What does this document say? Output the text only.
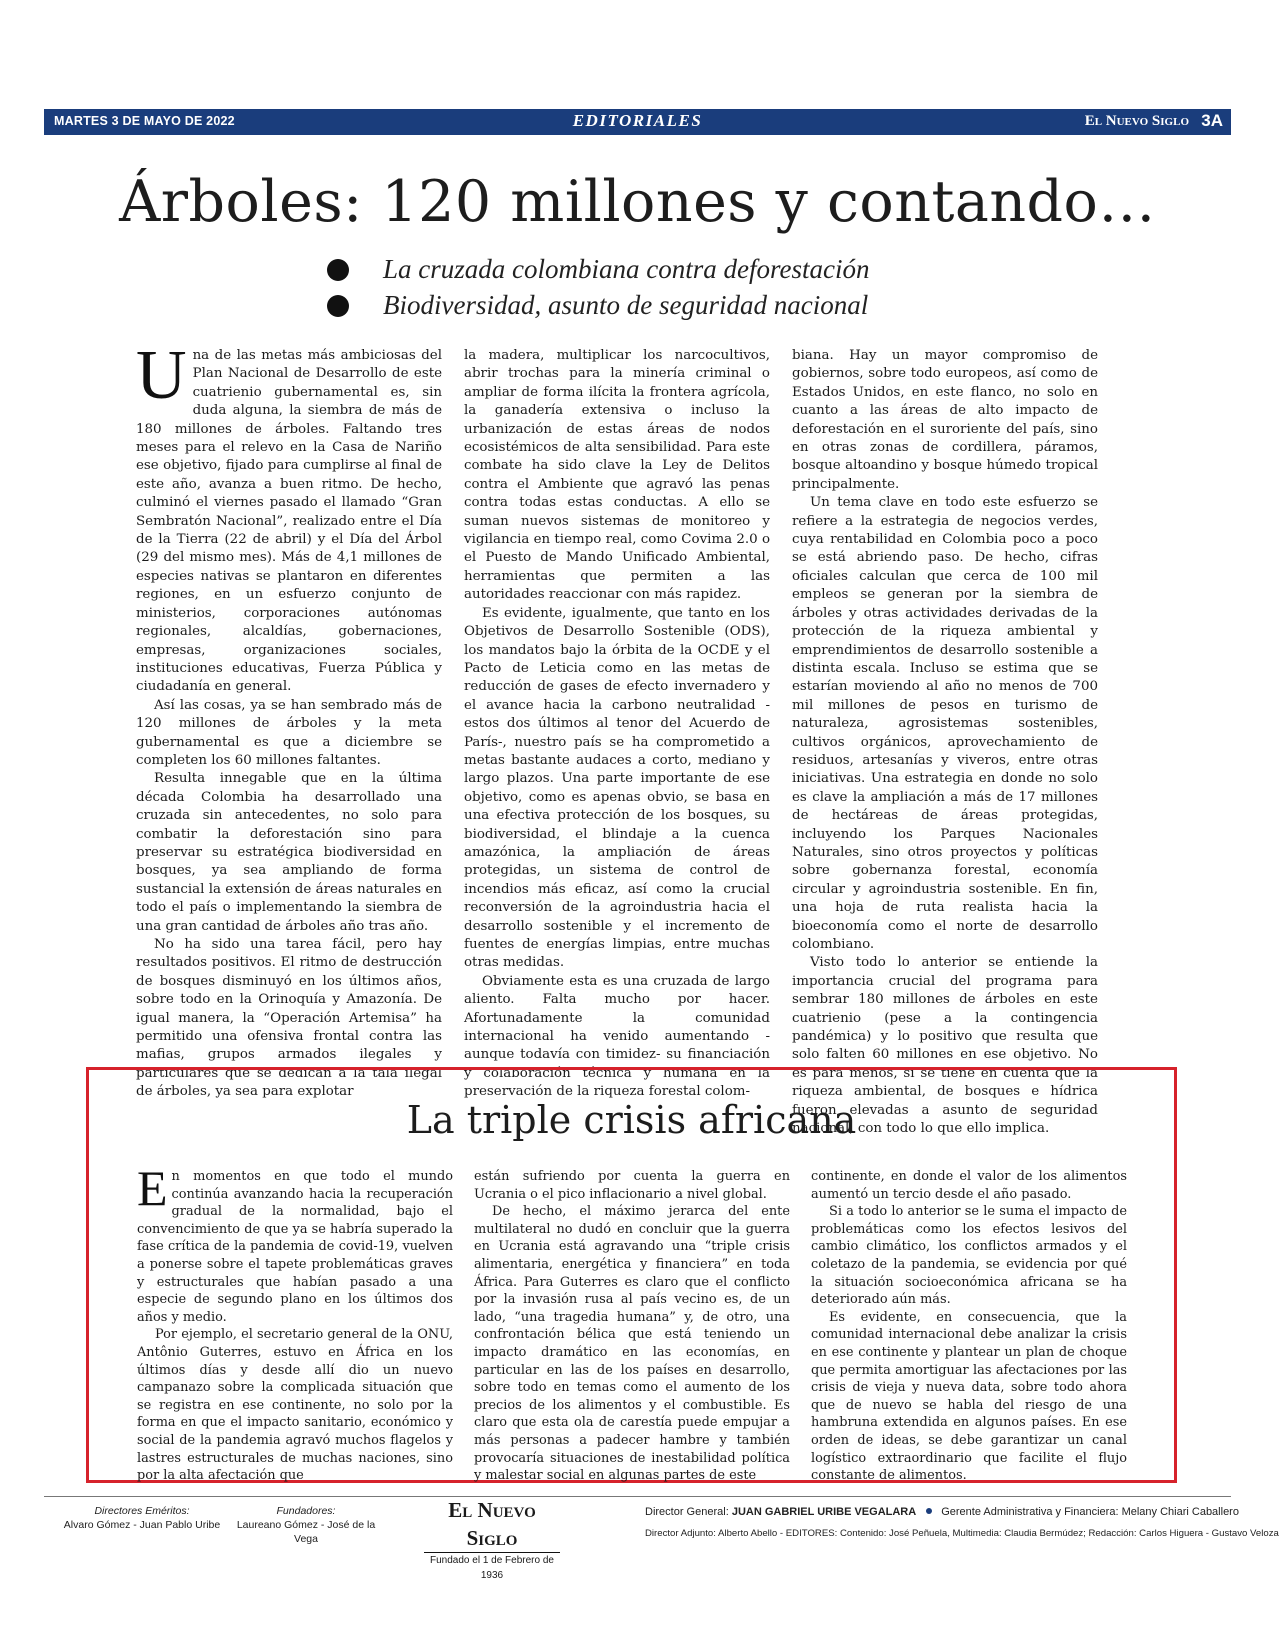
MARTES 3 DE MAYO DE 2022	EDITORIALES	El Nuevo Siglo 3A
Árboles: 120 millones y contando…
La cruzada colombiana contra deforestación
Biodiversidad, asunto de seguridad nacional

Una de las metas más ambiciosas del Plan Nacional de Desarrollo de este cuatrienio gubernamental es, sin duda alguna, la siembra de más de 180 millones de árboles. Faltando tres meses para el relevo en la Casa de Nariño ese objetivo, fijado para cumplirse al final de este año, avanza a buen ritmo. De hecho, culminó el viernes pasado el llamado “Gran Sembratón Nacional”, realizado entre el Día de la Tierra (22 de abril) y el Día del Árbol (29 del mismo mes). Más de 4,1 millones de especies nativas se plantaron en diferentes regiones, en un esfuerzo conjunto de ministerios, corporaciones autónomas regionales, alcaldías, gobernaciones, empresas, organizaciones sociales, instituciones educativas, Fuerza Pública y ciudadanía en general.

Así las cosas, ya se han sembrado más de 120 millones de árboles y la meta gubernamental es que a diciembre se completen los 60 millones faltantes.

Resulta innegable que en la última década Colombia ha desarrollado una cruzada sin antecedentes, no solo para combatir la deforestación sino para preservar su estratégica biodiversidad en bosques, ya sea ampliando de forma sustancial la extensión de áreas naturales en todo el país o implementando la siembra de una gran cantidad de árboles año tras año.

No ha sido una tarea fácil, pero hay resultados positivos. El ritmo de destrucción de bosques disminuyó en los últimos años, sobre todo en la Orinoquía y Amazonía. De igual manera, la “Operación Artemisa” ha permitido una ofensiva frontal contra las mafias, grupos armados ilegales y particulares que se dedican a la tala ilegal de árboles, ya sea para explotar

la madera, multiplicar los narcocultivos, abrir trochas para la minería criminal o ampliar de forma ilícita la frontera agrícola, la ganadería extensiva o incluso la urbanización de estas áreas de nodos ecosistémicos de alta sensibilidad. Para este combate ha sido clave la Ley de Delitos contra el Ambiente que agravó las penas contra todas estas conductas. A ello se suman nuevos sistemas de monitoreo y vigilancia en tiempo real, como Covima 2.0 o el Puesto de Mando Unificado Ambiental, herramientas que permiten a las autoridades reaccionar con más rapidez.

Es evidente, igualmente, que tanto en los Objetivos de Desarrollo Sostenible (ODS), los mandatos bajo la órbita de la OCDE y el Pacto de Leticia como en las metas de reducción de gases de efecto invernadero y el avance hacia la carbono neutralidad -estos dos últimos al tenor del Acuerdo de París-, nuestro país se ha comprometido a metas bastante audaces a corto, mediano y largo plazos. Una parte importante de ese objetivo, como es apenas obvio, se basa en una efectiva protección de los bosques, su biodiversidad, el blindaje a la cuenca amazónica, la ampliación de áreas protegidas, un sistema de control de incendios más eficaz, así como la crucial reconversión de la agroindustria hacia el desarrollo sostenible y el incremento de fuentes de energías limpias, entre muchas otras medidas.

Obviamente esta es una cruzada de largo aliento. Falta mucho por hacer. Afortunadamente la comunidad internacional ha venido aumentando -aunque todavía con timidez- su financiación y colaboración técnica y humana en la preservación de la riqueza forestal colom-

biana. Hay un mayor compromiso de gobiernos, sobre todo europeos, así como de Estados Unidos, en este flanco, no solo en cuanto a las áreas de alto impacto de deforestación en el suroriente del país, sino en otras zonas de cordillera, páramos, bosque altoandino y bosque húmedo tropical principalmente.

Un tema clave en todo este esfuerzo se refiere a la estrategia de negocios verdes, cuya rentabilidad en Colombia poco a poco se está abriendo paso. De hecho, cifras oficiales calculan que cerca de 100 mil empleos se generan por la siembra de árboles y otras actividades derivadas de la protección de la riqueza ambiental y emprendimientos de desarrollo sostenible a distinta escala. Incluso se estima que se estarían moviendo al año no menos de 700 mil millones de pesos en turismo de naturaleza, agrosistemas sostenibles, cultivos orgánicos, aprovechamiento de residuos, artesanías y viveros, entre otras iniciativas. Una estrategia en donde no solo es clave la ampliación a más de 17 millones de hectáreas de áreas protegidas, incluyendo los Parques Nacionales Naturales, sino otros proyectos y políticas sobre gobernanza forestal, economía circular y agroindustria sostenible. En fin, una hoja de ruta realista hacia la bioeconomía como el norte de desarrollo colombiano.

Visto todo lo anterior se entiende la importancia crucial del programa para sembrar 180 millones de árboles en este cuatrienio (pese a la contingencia pandémica) y lo positivo que resulta que solo falten 60 millones en ese objetivo. No es para menos, si se tiene en cuenta que la riqueza ambiental, de bosques e hídrica fueron elevadas a asunto de seguridad nacional, con todo lo que ello implica.

La triple crisis africana

En momentos en que todo el mundo continúa avanzando hacia la recuperación gradual de la normalidad, bajo el convencimiento de que ya se habría superado la fase crítica de la pandemia de covid-19, vuelven a ponerse sobre el tapete problemáticas graves y estructurales que habían pasado a una especie de segundo plano en los últimos dos años y medio.

Por ejemplo, el secretario general de la ONU, Antônio Guterres, estuvo en África en los últimos días y desde allí dio un nuevo campanazo sobre la complicada situación que se registra en ese continente, no solo por la forma en que el impacto sanitario, económico y social de la pandemia agravó muchos flagelos y lastres estructurales de muchas naciones, sino por la alta afectación que

están sufriendo por cuenta la guerra en Ucrania o el pico inflacionario a nivel global.

De hecho, el máximo jerarca del ente multilateral no dudó en concluir que la guerra en Ucrania está agravando una “triple crisis alimentaria, energética y financiera” en toda África. Para Guterres es claro que el conflicto por la invasión rusa al país vecino es, de un lado, “una tragedia humana” y, de otro, una confrontación bélica que está teniendo un impacto dramático en las economías, en particular en las de los países en desarrollo, sobre todo en temas como el aumento de los precios de los alimentos y el combustible. Es claro que esta ola de carestía puede empujar a más personas a padecer hambre y también provocaría situaciones de inestabilidad política y malestar social en algunas partes de este

continente, en donde el valor de los alimentos aumentó un tercio desde el año pasado.

Si a todo lo anterior se le suma el impacto de problemáticas como los efectos lesivos del cambio climático, los conflictos armados y el coletazo de la pandemia, se evidencia por qué la situación socioeconómica africana se ha deteriorado aún más.

Es evidente, en consecuencia, que la comunidad internacional debe analizar la crisis en ese continente y plantear un plan de choque que permita amortiguar las afectaciones por las crisis de vieja y nueva data, sobre todo ahora que de nuevo se habla del riesgo de una hambruna extendida en algunos países. En ese orden de ideas, se debe garantizar un canal logístico extraordinario que facilite el flujo constante de alimentos.

Directores Eméritos:
Alvaro Gómez - Juan Pablo Uribe
Fundadores:
Laureano Gómez - José de la Vega
El Nuevo Siglo
Fundado el 1 de Febrero de 1936
Director General: JUAN GABRIEL URIBE VEGALARA Gerente Administrativa y Financiera: Melany Chiari Caballero
Director Adjunto: Alberto Abello - EDITORES: Contenido: José Peñuela, Multimedia: Claudia Bermúdez; Redacción: Carlos Higuera - Gustavo Veloza
